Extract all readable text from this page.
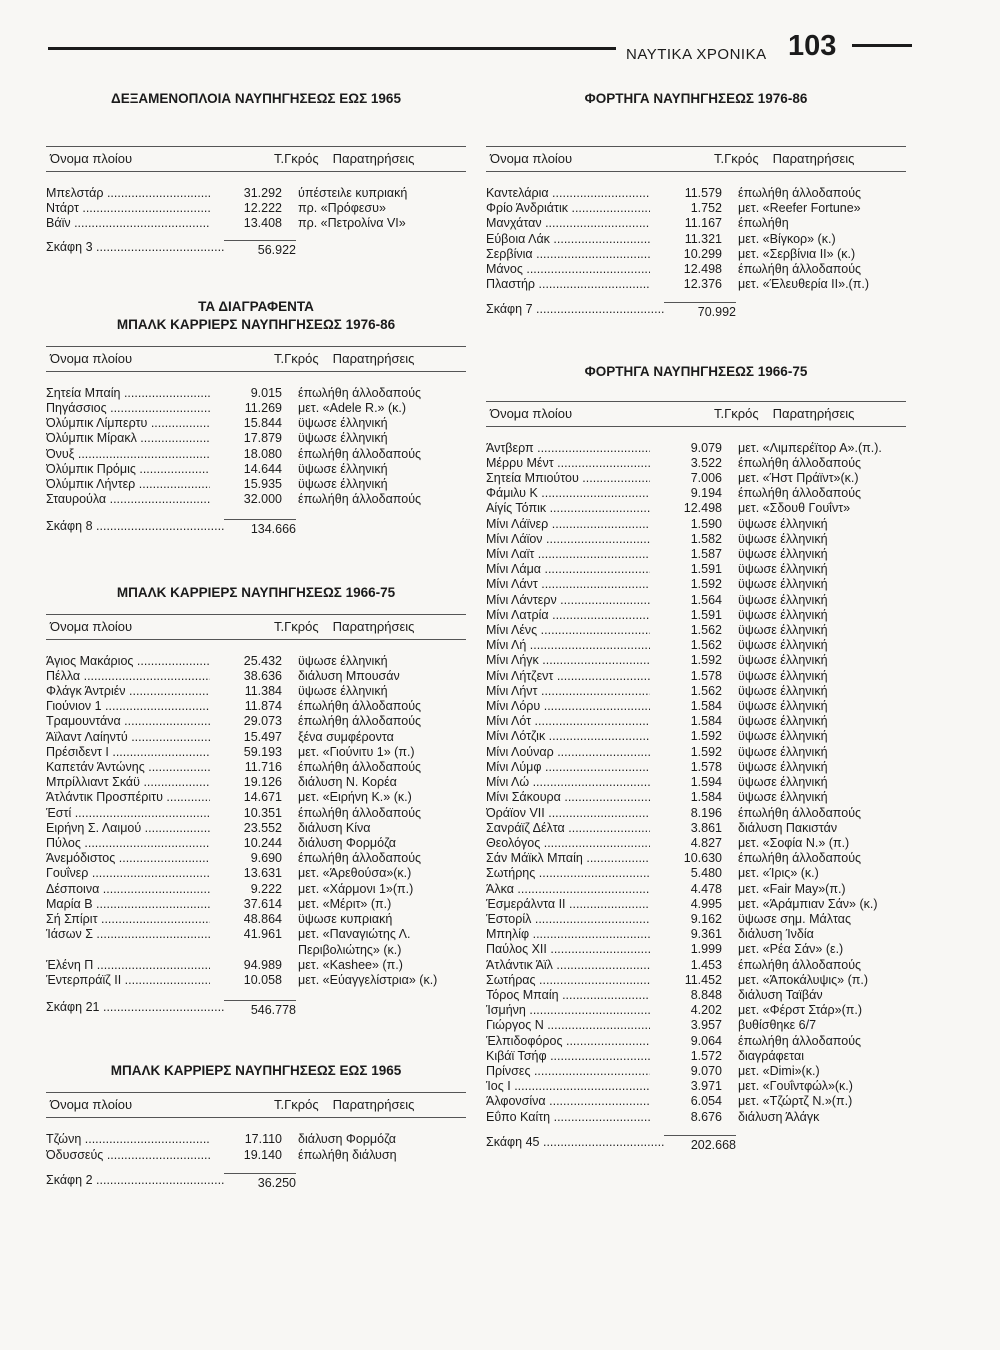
ΝΑΥΤΙΚΑ ΧΡΟΝΙΚΑ 103
ΔΕΞΑΜΕΝΟΠΛΟΙΑ ΝΑΥΠΗΓΗΣΕΩΣ ΕΩΣ 1965
Όνομα πλοίου	Τ.Γκρός	Παρατηρήσεις
Μπελστάρ .....	31.292	ύπέστειλε κυπριακή
Ντάρτ .....	12.222	πρ. «Πρόφεσυ»
Βάϊν .....	13.408	πρ. «Πετρολίνα VI»
Σκάφη 3 .....	56.922
ΤΑ ΔΙΑΓΡΑΦΕΝΤΑ
ΜΠΑΛΚ ΚΑΡΡΙΕΡΣ ΝΑΥΠΗΓΗΣΕΩΣ 1976-86
Όνομα πλοίου	Τ.Γκρός	Παρατηρήσεις
Σητεία Μπαίη .....	9.015	έπωλήθη άλλοδαπούς
Πηγάσσιος .....	11.269	μετ. «Adele R.» (κ.)
Όλύμπικ Λίμπερτυ .....	15.844	ϋψωσε έλληνική
Όλύμπικ Μίρακλ .....	17.879	ϋψωσε έλληνική
Όνυξ .....	18.080	έπωλήθη άλλοδαπούς
Όλύμπικ Πρόμις .....	14.644	ϋψωσε έλληνική
Όλύμπικ Λήντερ .....	15.935	ϋψωσε έλληνική
Σταυρούλα .....	32.000	έπωλήθη άλλοδαπούς
Σκάφη 8 .....	134.666
ΜΠΑΛΚ ΚΑΡΡΙΕΡΣ ΝΑΥΠΗΓΗΣΕΩΣ 1966-75
Όνομα πλοίου	Τ.Γκρός	Παρατηρήσεις
Άγιος Μακάριος .....	25.432	ϋψωσε έλληνική
Πέλλα .....	38.636	διάλυση Μπουσάν
Φλάγκ Άντριέν .....	11.384	ϋψωσε έλληνική
Γιούνιον 1 .....	11.874	έπωλήθη άλλοδαπούς
Τραμουντάνα .....	29.073	έπωλήθη άλλοδαπούς
Άϊλαντ Λαίηντύ .....	15.497	ξένα συμφέροντα
Πρέσιδεντ Ι .....	59.193	μετ. «Γιούνιτυ 1» (π.)
Καπετάν Άντώνης .....	11.716	έπωλήθη άλλοδαπούς
Μπρίλλιαντ Σκάϋ .....	19.126	διάλυση Ν. Κορέα
Άτλάντικ Προσπέριτυ .....	14.671	μετ. «Ειρήνη Κ.» (κ.)
Έστί .....	10.351	έπωλήθη άλλοδαπούς
Ειρήνη Σ. Λαιμού .....	23.552	διάλυση Κίνα
Πύλος .....	10.244	διάλυση Φορμόζα
Άνεμόδιστος .....	9.690	έπωλήθη άλλοδαπούς
Γουΐνερ .....	13.631	μετ. «Άρεθούσα»(κ.)
Δέσποινα .....	9.222	μετ. «Χάρμονι 1»(π.)
Μαρία Β .....	37.614	μετ. «Μέριτ» (π.)
Σή Σπίριτ .....	48.864	ϋψωσε κυπριακή
Ίάσων Σ .....	41.961	μετ. «Παναγιώτης Λ. Περιβολιώτης» (κ.)
Έλένη Π .....	94.989	μετ. «Kashee» (π.)
Έντερπράϊζ ΙΙ .....	10.058	μετ. «Εύαγγελίστρια» (κ.)
Σκάφη 21 .....	546.778
ΜΠΑΛΚ ΚΑΡΡΙΕΡΣ ΝΑΥΠΗΓΗΣΕΩΣ ΕΩΣ 1965
Όνομα πλοίου	Τ.Γκρός	Παρατηρήσεις
Τζώνη .....	17.110	διάλυση Φορμόζα
Όδυσσεύς .....	19.140	έπωλήθη διάλυση
Σκάφη 2 .....	36.250
ΦΟΡΤΗΓΑ ΝΑΥΠΗΓΗΣΕΩΣ 1976-86
Όνομα πλοίου	Τ.Γκρός	Παρατηρήσεις
Καντελάρια .....	11.579	έπωλήθη άλλοδαπούς
Φρίο Άνδριάτικ .....	1.752	μετ. «Reefer Fortune»
Μανχάταν .....	11.167	έπωλήθη
Εύβοια Λάκ .....	11.321	μετ. «Βίγκορ» (κ.)
Σερβίνια .....	10.299	μετ. «Σερβίνια ΙΙ» (κ.)
Μάνος .....	12.498	έπωλήθη άλλοδαπούς
Πλαστήρ .....	12.376	μετ. «Έλευθερία ΙΙ».(π.)
Σκάφη 7 .....	70.992
ΦΟΡΤΗΓΑ ΝΑΥΠΗΓΗΣΕΩΣ 1966-75
Όνομα πλοίου	Τ.Γκρός	Παρατηρήσεις
Άντβερπ .....	9.079	μετ. «Λιμπερέϊτορ Α».(π.).
Μέρρυ Μέντ .....	3.522	έπωλήθη άλλοδαπούς
Σητεία Μπιούτου .....	7.006	μετ. «Ήστ Πράϊντ»(κ.)
Φάμιλυ Κ .....	9.194	έπωλήθη άλλοδαπούς
Αίγίς Τόπικ .....	12.498	μετ. «Σδουθ Γουΐντ»
Μίνι Λάϊνερ .....	1.590	ϋψωσε έλληνική
Μίνι Λάϊον .....	1.582	ϋψωσε έλληνική
Μίνι Λαϊτ .....	1.587	ϋψωσε έλληνική
Μίνι Λάμα .....	1.591	ϋψωσε έλληνική
Μίνι Λάντ .....	1.592	ϋψωσε έλληνική
Μίνι Λάντερν .....	1.564	ϋψωσε έλληνική
Μίνι Λατρία .....	1.591	ϋψωσε έλληνική
Μίνι Λένς .....	1.562	ϋψωσε έλληνική
Μίνι Λή .....	1.562	ϋψωσε έλληνική
Μίνι Λήγκ .....	1.592	ϋψωσε έλληνική
Μίνι Λήτζεντ .....	1.578	ϋψωσε έλληνική
Μίνι Λήντ .....	1.562	ϋψωσε έλληνική
Μίνι Λόρυ .....	1.584	ϋψωσε έλληνική
Μίνι Λότ .....	1.584	ϋψωσε έλληνική
Μίνι Λότζικ .....	1.592	ϋψωσε έλληνική
Μίνι Λούναρ .....	1.592	ϋψωσε έλληνική
Μίνι Λύμφ .....	1.578	ϋψωσε έλληνική
Μίνι Λώ .....	1.594	ϋψωσε έλληνική
Μίνι Σάκουρα .....	1.584	ϋψωσε έλληνική
Όράϊον VII .....	8.196	έπωλήθη άλλοδαπούς
Σανράϊζ Δέλτα .....	3.861	διάλυση Πακιστάν
Θεολόγος .....	4.827	μετ. «Σοφία Ν.» (π.)
Σάν Μάϊκλ Μπαίη .....	10.630	έπωλήθη άλλοδαπούς
Σωτήρης .....	5.480	μετ. «Ίρις» (κ.)
Άλκα .....	4.478	μετ. «Fair May»(π.)
Έσμεράλντα ΙΙ .....	4.995	μετ. «Άράμπιαν Σάν» (κ.)
Έστορίλ .....	9.162	ϋψωσε σημ. Μάλτας
Μπηλίφ .....	9.361	διάλυση Ίνδία
Παύλος XII .....	1.999	μετ. «Ρέα Σάν» (ε.)
Άτλάντικ Άϊλ .....	1.453	έπωλήθη άλλοδαπούς
Σωτήρας .....	11.452	μετ. «Άποκάλυψις» (π.)
Τόρος Μπαίη .....	8.848	διάλυση Ταϊβάν
Ίσμήνη .....	4.202	μετ. «Φέρστ Στάρ»(π.)
Γιώργος Ν .....	3.957	βυθίσθηκε 6/7
Έλπιδοφόρος .....	9.064	έπωλήθη άλλοδαπούς
Κιβάϊ Τσήφ .....	1.572	διαγράφεται
Πρίνσες .....	9.070	μετ. «Dimi»(κ.)
Ίος Ι .....	3.971	μετ. «Γουΐντφώλ»(κ.)
Άλφονσίνα .....	6.054	μετ. «Τζώρτζ Ν.»(π.)
Εΰπο Καίτη .....	8.676	διάλυση Άλάγκ
Σκάφη 45 .....	202.668
